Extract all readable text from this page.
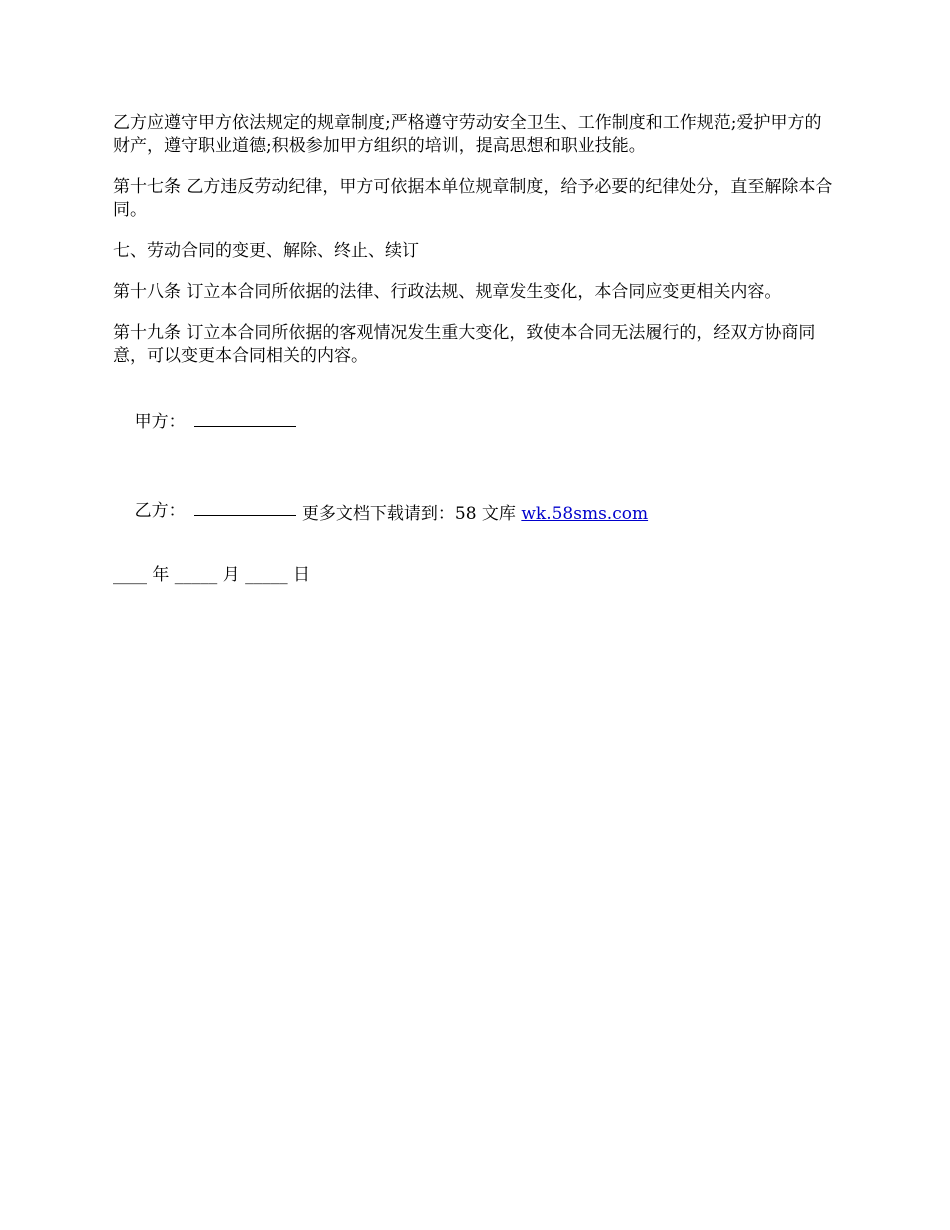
乙方应遵守甲方依法规定的规章制度;严格遵守劳动安全卫生、工作制度和工作规范;爱护甲方的财产，遵守职业道德;积极参加甲方组织的培训，提高思想和职业技能。

第十七条 乙方违反劳动纪律，甲方可依据本单位规章制度，给予必要的纪律处分，直至解除本合同。

七、劳动合同的变更、解除、终止、续订

第十八条 订立本合同所依据的法律、行政法规、规章发生变化，本合同应变更相关内容。

第十九条 订立本合同所依据的客观情况发生重大变化，致使本合同无法履行的，经双方协商同意，可以变更本合同相关的内容。

甲方：

乙方：

____ 年 _____ 月 _____ 日

更多文档下载请到：58 文库 wk.58sms.com
